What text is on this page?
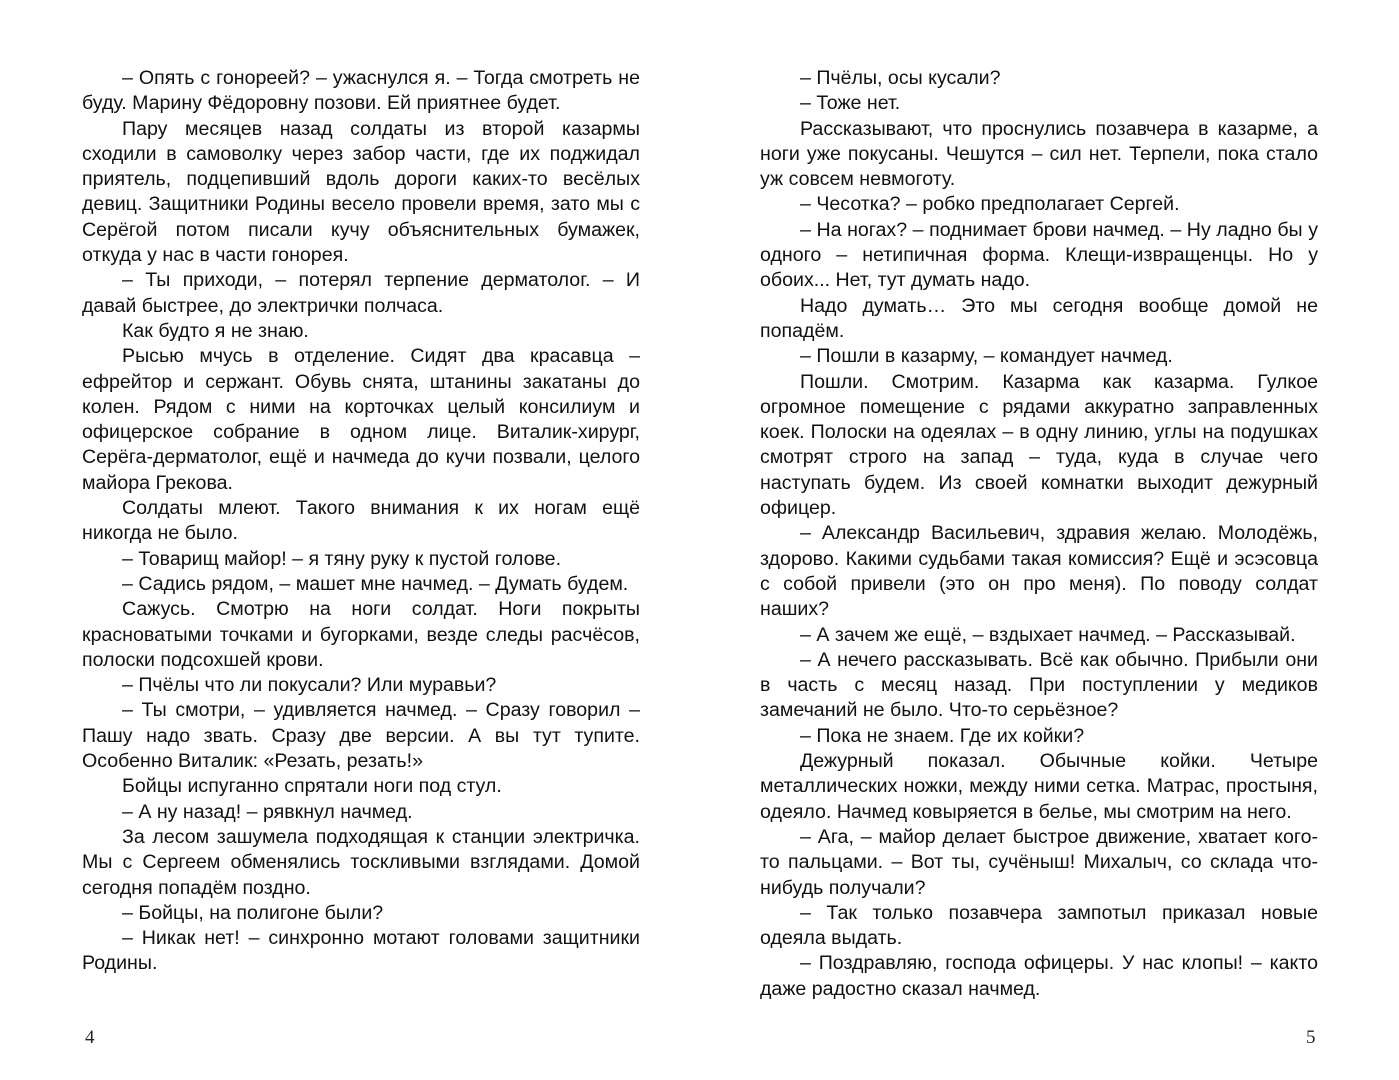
– Опять с гонореей? – ужаснулся я. – Тогда смотреть не буду. Марину Фёдоровну позови. Ей приятнее будет.

Пару месяцев назад солдаты из второй казармы сходили в самоволку через забор части, где их поджидал приятель, подцепивший вдоль дороги каких-то весёлых девиц. Защитники Родины весело провели время, зато мы с Серёгой потом писали кучу объяснительных бумажек, откуда у нас в части гонорея.

– Ты приходи, – потерял терпение дерматолог. – И давай быстрее, до электрички полчаса.

Как будто я не знаю.

Рысью мчусь в отделение. Сидят два красавца – ефрейтор и сержант. Обувь снята, штанины закатаны до колен. Рядом с ними на корточках целый консилиум и офицерское собрание в одном лице. Виталик-хирург, Серёга-дерматолог, ещё и начмеда до кучи позвали, целого майора Грекова.

Солдаты млеют. Такого внимания к их ногам ещё никогда не было.

– Товарищ майор! – я тяну руку к пустой голове.

– Садись рядом, – машет мне начмед. – Думать будем.

Сажусь. Смотрю на ноги солдат. Ноги покрыты красноватыми точками и бугорками, везде следы расчёсов, полоски подсохшей крови.

– Пчёлы что ли покусали? Или муравьи?

– Ты смотри, – удивляется начмед. – Сразу говорил – Пашу надо звать. Сразу две версии. А вы тут тупите. Особенно Виталик: «Резать, резать!»

Бойцы испуганно спрятали ноги под стул.

– А ну назад! – рявкнул начмед.

За лесом зашумела подходящая к станции электричка. Мы с Сергеем обменялись тоскливыми взглядами. Домой сегодня попадём поздно.

– Бойцы, на полигоне были?

– Никак нет! – синхронно мотают головами защитники Родины.

– Пчёлы, осы кусали?

– Тоже нет.

Рассказывают, что проснулись позавчера в казарме, а ноги уже покусаны. Чешутся – сил нет. Терпели, пока стало уж совсем невмоготу.

– Чесотка? – робко предполагает Сергей.

– На ногах? – поднимает брови начмед. – Ну ладно бы у одного – нетипичная форма. Клещи-извращенцы. Но у обоих... Нет, тут думать надо.

Надо думать… Это мы сегодня вообще домой не попадём.

– Пошли в казарму, – командует начмед.

Пошли. Смотрим. Казарма как казарма. Гулкое огромное помещение с рядами аккуратно заправленных коек. Полоски на одеялах – в одну линию, углы на подушках смотрят строго на запад – туда, куда в случае чего наступать будем. Из своей комнатки выходит дежурный офицер.

– Александр Васильевич, здравия желаю. Молодёжь, здорово. Какими судьбами такая комиссия? Ещё и эсэсовца с собой привели (это он про меня). По поводу солдат наших?

– А зачем же ещё, – вздыхает начмед. – Рассказывай.

– А нечего рассказывать. Всё как обычно. Прибыли они в часть с месяц назад. При поступлении у медиков замечаний не было. Что-то серьёзное?

– Пока не знаем. Где их койки?

Дежурный показал. Обычные койки. Четыре металлических ножки, между ними сетка. Матрас, простыня, одеяло. Начмед ковыряется в белье, мы смотрим на него.

– Ага, – майор делает быстрое движение, хватает кого-то пальцами. – Вот ты, сучёныш! Михалыч, со склада что-нибудь получали?

– Так только позавчера зампотыл приказал новые одеяла выдать.

– Поздравляю, господа офицеры. У нас клопы! – както даже радостно сказал начмед.

4	5
